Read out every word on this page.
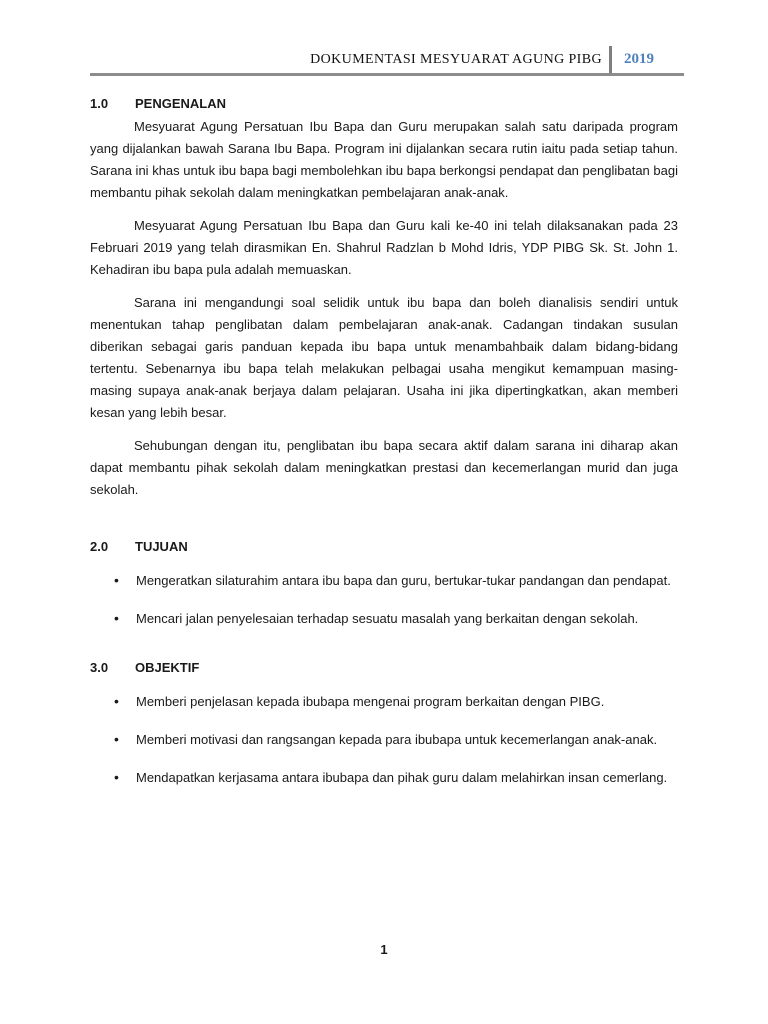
DOKUMENTASI MESYUARAT AGUNG PIBG 2019
1.0	PENGENALAN

Mesyuarat Agung Persatuan Ibu Bapa dan Guru merupakan salah satu daripada program yang dijalankan bawah Sarana Ibu Bapa. Program ini dijalankan secara rutin iaitu pada setiap tahun. Sarana ini khas untuk ibu bapa bagi membolehkan ibu bapa berkongsi pendapat dan penglibatan bagi membantu pihak sekolah dalam meningkatkan pembelajaran anak-anak.

Mesyuarat Agung Persatuan Ibu Bapa dan Guru kali ke-40 ini telah dilaksanakan pada 23 Februari 2019 yang telah dirasmikan En. Shahrul Radzlan b Mohd Idris, YDP PIBG Sk. St. John 1. Kehadiran ibu bapa pula adalah memuaskan.

Sarana ini mengandungi soal selidik untuk ibu bapa dan boleh dianalisis sendiri untuk menentukan tahap penglibatan dalam pembelajaran anak-anak. Cadangan tindakan susulan diberikan sebagai garis panduan kepada ibu bapa untuk menambahbaik dalam bidang-bidang tertentu. Sebenarnya ibu bapa telah melakukan pelbagai usaha mengikut kemampuan masing-masing supaya anak-anak berjaya dalam pelajaran. Usaha ini jika dipertingkatkan, akan memberi kesan yang lebih besar.

Sehubungan dengan itu, penglibatan ibu bapa secara aktif dalam sarana ini diharap akan dapat membantu pihak sekolah dalam meningkatkan prestasi dan kecemerlangan murid dan juga sekolah.

2.0	TUJUAN
• Mengeratkan silaturahim antara ibu bapa dan guru, bertukar-tukar pandangan dan pendapat.
• Mencari jalan penyelesaian terhadap sesuatu masalah yang berkaitan dengan sekolah.
3.0	OBJEKTIF
• Memberi penjelasan kepada ibubapa mengenai program berkaitan dengan PIBG.
• Memberi motivasi dan rangsangan kepada para ibubapa untuk kecemerlangan anak-anak.
• Mendapatkan kerjasama antara ibubapa dan pihak guru dalam melahirkan insan cemerlang.
1
